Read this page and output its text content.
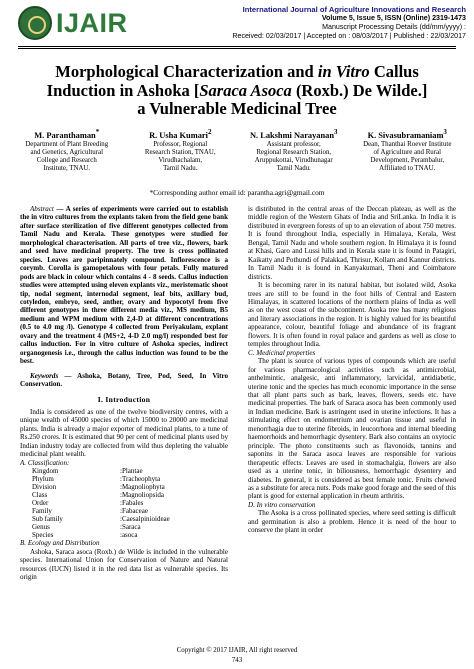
IJAIR	International Journal of Agriculture Innovations and Research
Volume 5, Issue 5, ISSN (Online) 2319-1473
Manuscript Processing Details (dd/mm/yyyy) :
Received: 02/03/2017 | Accepted on : 08/03/2017 | Published : 22/03/2017
Morphological Characterization and in Vitro Callus
Induction in Ashoka [Saraca Asoca (Roxb.) De Wilde.]
a Vulnerable Medicinal Tree
M. Paranthaman*
Department of Plant Breeding
and Genetics, Agricultural
College and Research
Institute, TNAU.
R. Usha Kumari$^2$
Professor, Regional
Research Station, TNAU,
Virudhachalam,
Tamil Nadu.
N. Lakshmi Narayanan$^3$
Assistant professor,
Regional Research Station,
Aruppukottai, Virudhunagar
Tamil Nadu.
K. Sivasubramaniam$^3$
Dean, Thanthai Roever Institute
of Agriculture and Rural
Development, Perambalur,
Affiliated to TNAU.
*Corresponding author email id: parantha.agri@gmail.com

Abstract — A series of experiments were carried out to establish the in vitro cultures from the explants taken from the field gene bank after surface sterilization of five different genotypes collected from Tamil Nadu and Kerala. These genotypes were studied for morphological characterisation. All parts of tree viz., flowers, bark and seed have medicinal property. The tree is cross pollinated species. Leaves are paripinnately compound. Inflorescence is a corymb. Corolla is gamopetalous with four petals. Fully matured pods are black in colour which contains 4 - 8 seeds. Callus induction studies were attempted using eleven explants viz., meristematic shoot tip, nodal segment, internodal segment, leaf bits, axillary bud, cotyledon, embryo, seed, anther, ovary and hypocotyl from five different genotypes in three different media viz., MS medium, B5 medium and WPM medium with 2,4-D at different concentrations (0.5 to 4.0 mg /l). Genotype 4 collected from Periyakulam, explant ovary and the treatment 4 (MS+2, 4-D 2.0 mg/l) responded best for callus induction. For in vitro culture of Ashoka species, indirect organogenesis i.e., through the callus induction was found to be the best.

Keywords — Ashoka, Botany, Tree, Pod, Seed, In Vitro Conservation.

I. Introduction

India is considered as one of the twelve biodiversity centres, with a unique wealth of 45000 species of which 15000 to 20000 are medicinal plants. India is already a major exporter of medicinal plants, to a tune of Rs.250 crores. It is estimated that 90 per cent of medicinal plants used by Indian industry today are collected from wild thus depleting the valuable medicinal plant wealth.

A. Classification:
Kingdom	:	Plantae
Phylum	:	Tracheophyta
Division	:	Magnoliophyta
Class	:	Magnoliopsida
Order	:	Fabales
Family	:	Fabaceae
Sub family	:	Caesalpinioideae
Genus	:	Saraca
Species	:	asoca
B. Ecology and Distribution

Ashoka, Saraca asoca (Roxb.) de Wilde is included in the vulnerable species. International Union for Conservation of Nature and Natural resources (IUCN) listed it in the red data list as vulnerable species. Its origin

is distributed in the central areas of the Deccan plateau, as well as the middle region of the Western Ghats of India and SriLanka. In India it is distributed in evergreen forests of up to an elevation of about 750 metres. It is found throughout India, especially in Himalaya, Kerala, West Bengal, Tamil Nadu and whole southern region. In Himalaya it is found at Khasi, Garo and Lussi hills and in Kerala state it is found in Patagiri, Kaikatty and Pothundi of Palakkad, Thrisur, Kollam and Kannur districts. In Tamil Nadu it is found in Kanyakumari, Theni and Coimbatore districts.

It is becoming rarer in its natural habitat, but isolated wild, Asoka trees are still to be found in the foot hills of Central and Eastern Himalayas, in scattered locations of the northern plains of India as well as on the west coast of the subcontinent. Asoka tree has many religious and literary associations in the region. It is highly valued for its beautiful appearance, colour, beautiful foliage and abundance of its fragrant flowers. It is often found in royal palace and gardens as well as close to temples throughout India.

C. Medicinal properties

The plant is source of various types of compounds which are useful for various pharmacological activities such as antimicrobial, anthelmintic, analgesic, anti inflammatory, larvicidal, antidiabetic, uterine tonic and the species has much economic importance in the sense that all plant parts such as bark, leaves, flowers, seeds etc. have medicinal properties. The bark of Saraca asoca has been commonly used in Indian medicine. Bark is astringent used in uterine infections. It has a stimulating effect on endometrium and ovarian tissue and useful in menorrhagia due to uterine fibroids, in leucorrhoea and internal bleeding haemorrhoids and hemorrhagic dysentery. Bark also contains an oxytocic principle. The photo constituents such as flavonoids, tannins and saponins in the Saraca asoca leaves are responsible for various therapeutic effects. Leaves are used in stomachalgia, flowers are also used as a uterine tonic, in biliousness, hemorrhagic dysentery and diabetes. In general, it is considered as best female tonic. Fruits chewed as a substitute for areca nuts. Pods make good forage and the seed of this plant is good for external application in rheum arthritis.

D. In vitro conservation

The Asoka is a cross pollinated species, where seed setting is difficult and germination is also a problem. Hence it is need of the hour to conserve the plant in order

Copyright © 2017 IJAIR, All right reserved
743
